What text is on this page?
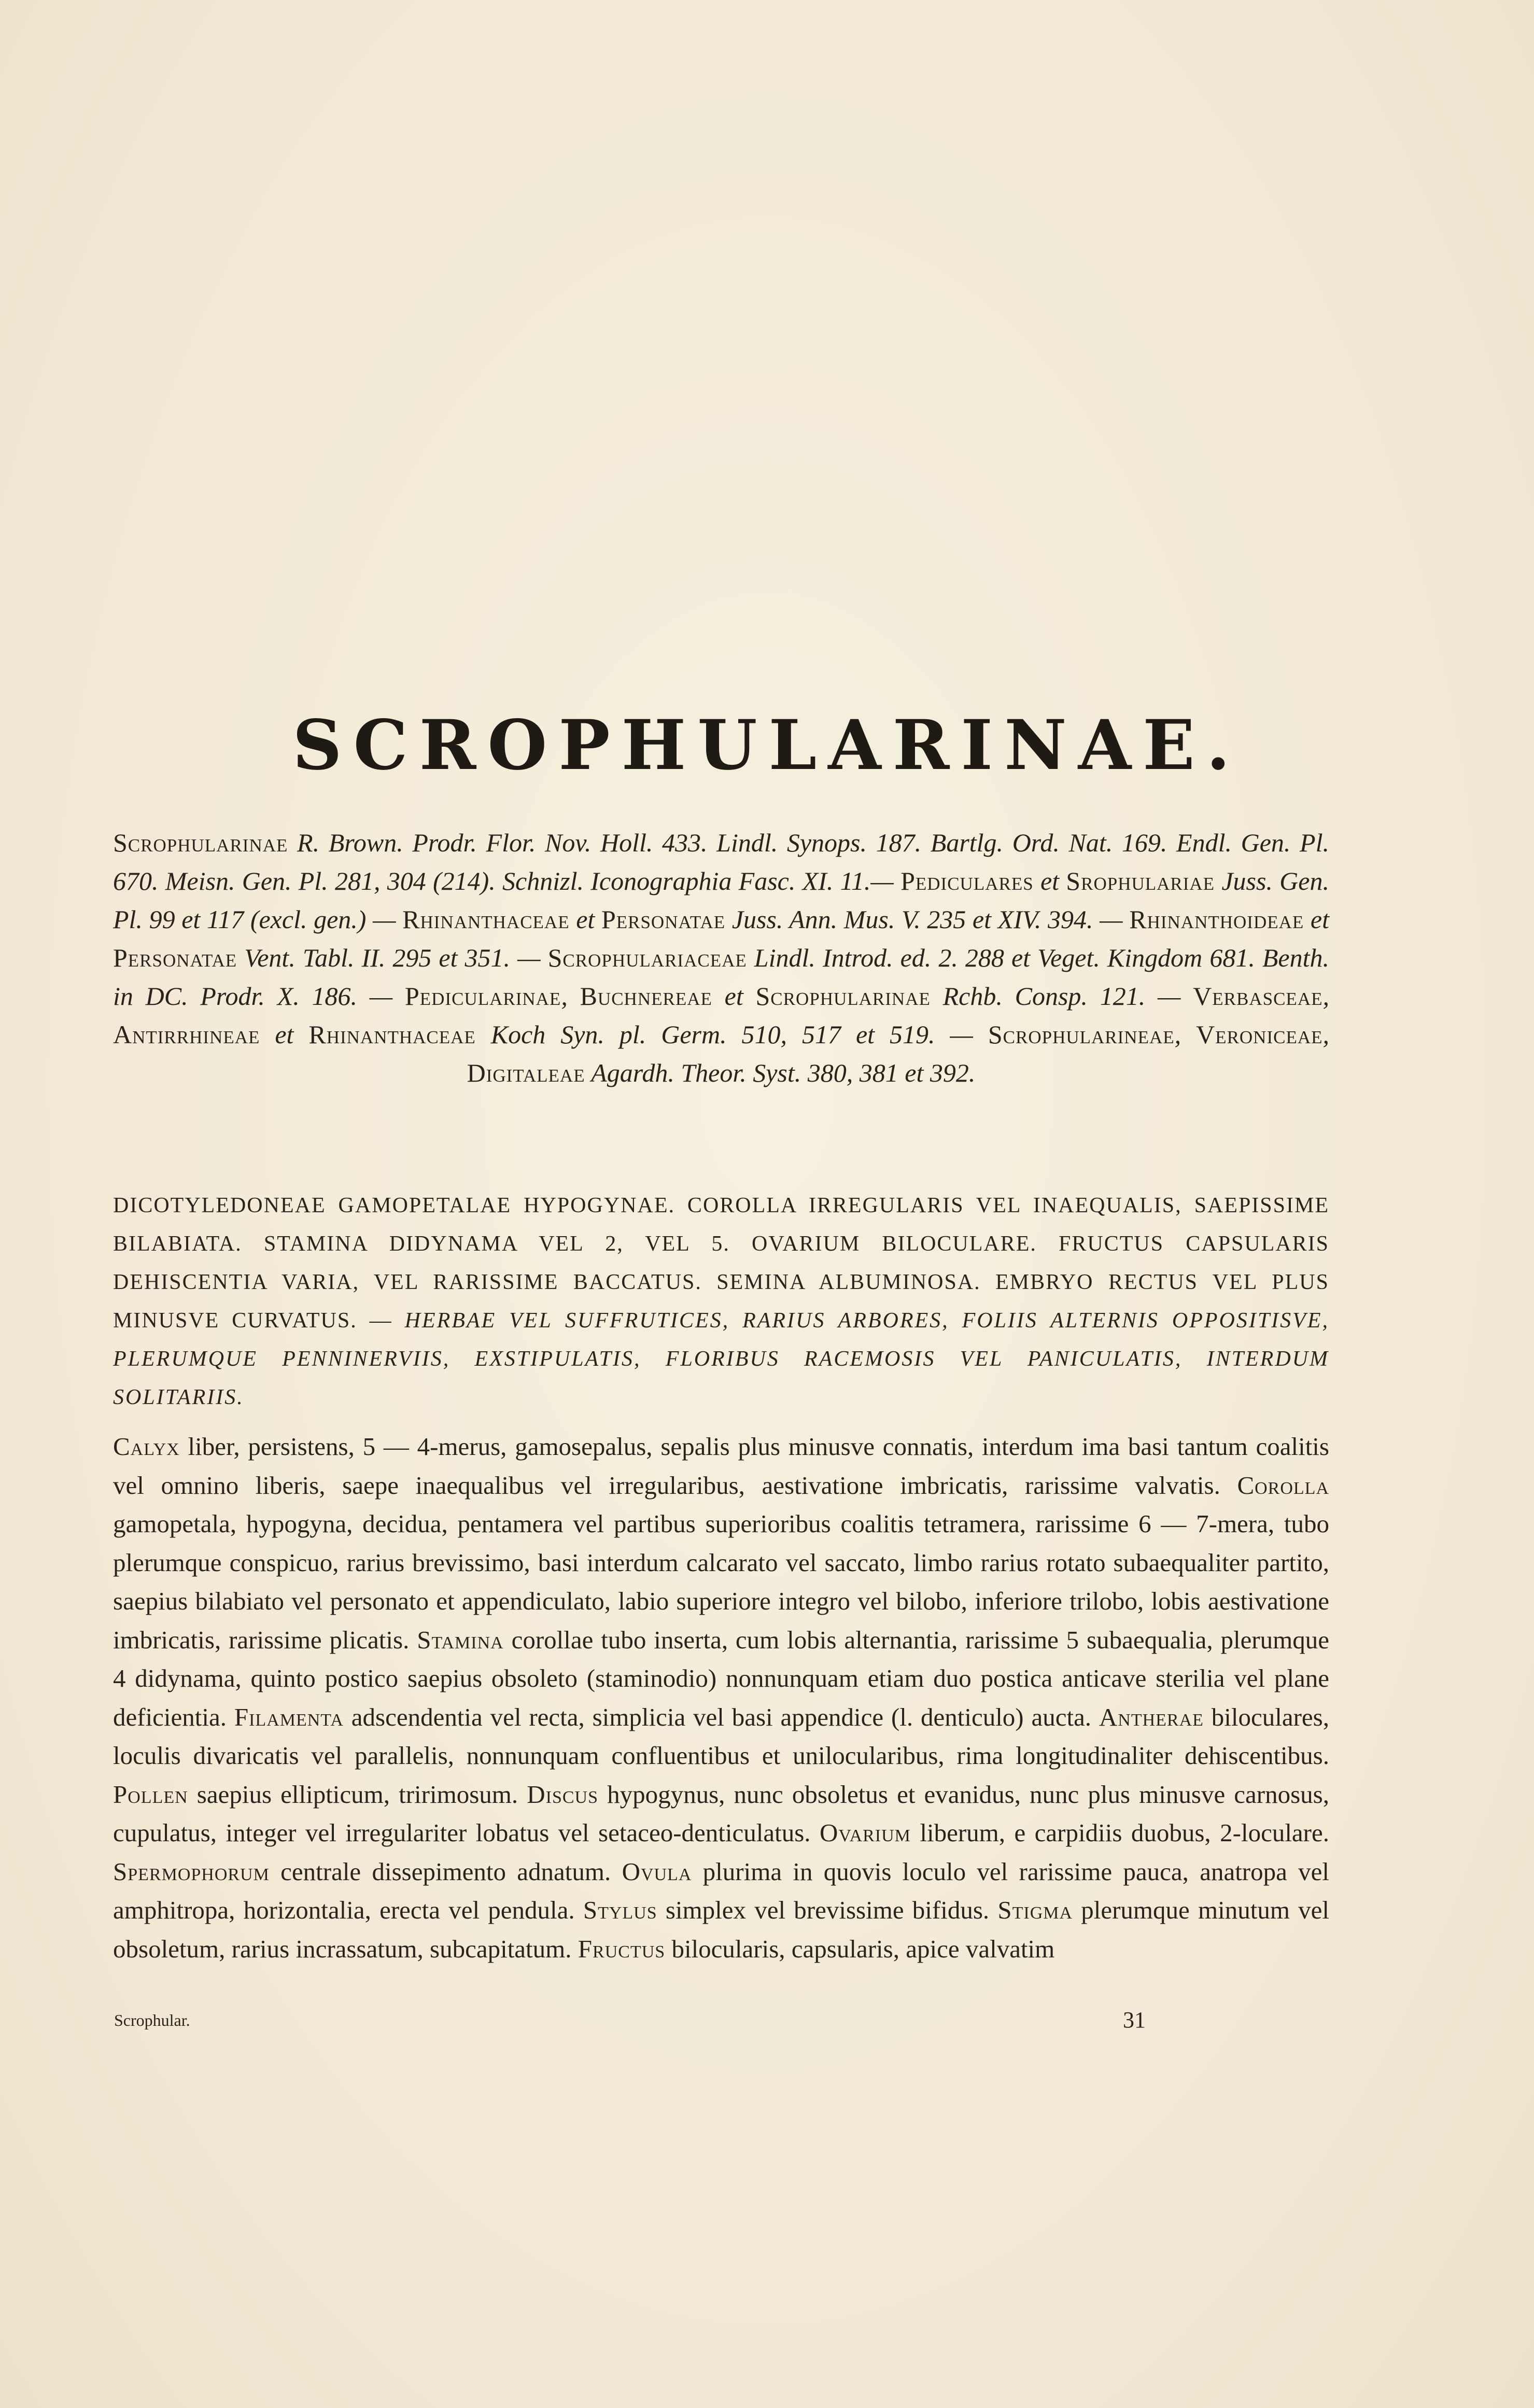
SCROPHULARINAE.

Scrophularinae R. Brown. Prodr. Flor. Nov. Holl. 433. Lindl. Synops. 187. Bartlg. Ord. Nat. 169. Endl. Gen. Pl. 670. Meisn. Gen. Pl. 281, 304 (214). Schnizl. Iconographia Fasc. XI. 11.— Pediculares et Srophulariae Juss. Gen. Pl. 99 et 117 (excl. gen.) — Rhinanthaceae et Personatae Juss. Ann. Mus. V. 235 et XIV. 394. — Rhinanthoideae et Personatae Vent. Tabl. II. 295 et 351. — Scrophulariaceae Lindl. Introd. ed. 2. 288 et Veget. Kingdom 681. Benth. in DC. Prodr. X. 186. — Pedicularinae, Buchnereae et Scrophularinae Rchb. Consp. 121. — Verbasceae, Antirrhineae et Rhinanthaceae Koch Syn. pl. Germ. 510, 517 et 519. — Scrophularineae, Veroniceae, Digitaleae Agardh. Theor. Syst. 380, 381 et 392.

DICOTYLEDONEAE GAMOPETALAE HYPOGYNAE. COROLLA IRREGULARIS VEL INAEQUALIS, SAEPISSIME BILABIATA. STAMINA DIDYNAMA VEL 2, VEL 5. OVARIUM BILOCULARE. FRUCTUS CAPSULARIS DEHISCENTIA VARIA, VEL RARISSIME BACCATUS. SEMINA ALBUMINOSA. EMBRYO RECTUS VEL PLUS MINUSVE CURVATUS. — HERBAE VEL SUFFRUTICES, RARIUS ARBORES, FOLIIS ALTERNIS OPPOSITISVE, PLERUMQUE PENNINERVIIS, EXSTIPULATIS, FLORIBUS RACEMOSIS VEL PANICULATIS, INTERDUM SOLITARIIS.

Calyx liber, persistens, 5 — 4-merus, gamosepalus, sepalis plus minusve connatis, interdum ima basi tantum coalitis vel omnino liberis, saepe inaequalibus vel irregularibus, aestivatione imbricatis, rarissime valvatis. Corolla gamopetala, hypogyna, decidua, pentamera vel partibus superioribus coalitis tetramera, rarissime 6 — 7-mera, tubo plerumque conspicuo, rarius brevissimo, basi interdum calcarato vel saccato, limbo rarius rotato subaequaliter partito, saepius bilabiato vel personato et appendiculato, labio superiore integro vel bilobo, inferiore trilobo, lobis aestivatione imbricatis, rarissime plicatis. Stamina corollae tubo inserta, cum lobis alternantia, rarissime 5 subaequalia, plerumque 4 didynama, quinto postico saepius obsoleto (staminodio) nonnunquam etiam duo postica anticave sterilia vel plane deficientia. Filamenta adscendentia vel recta, simplicia vel basi appendice (l. denticulo) aucta. Antherae biloculares, loculis divaricatis vel parallelis, nonnunquam confluentibus et unilocularibus, rima longitudinaliter dehiscentibus. Pollen saepius ellipticum, tririmosum. Discus hypogynus, nunc obsoletus et evanidus, nunc plus minusve carnosus, cupulatus, integer vel irregulariter lobatus vel setaceo-denticulatus. Ovarium liberum, e carpidiis duobus, 2-loculare. Spermophorum centrale dissepimento adnatum. Ovula plurima in quovis loculo vel rarissime pauca, anatropa vel amphitropa, horizontalia, erecta vel pendula. Stylus simplex vel brevissime bifidus. Stigma plerumque minutum vel obsoletum, rarius incrassatum, subcapitatum. Fructus bilocularis, capsularis, apice valvatim

Scrophular.	31
